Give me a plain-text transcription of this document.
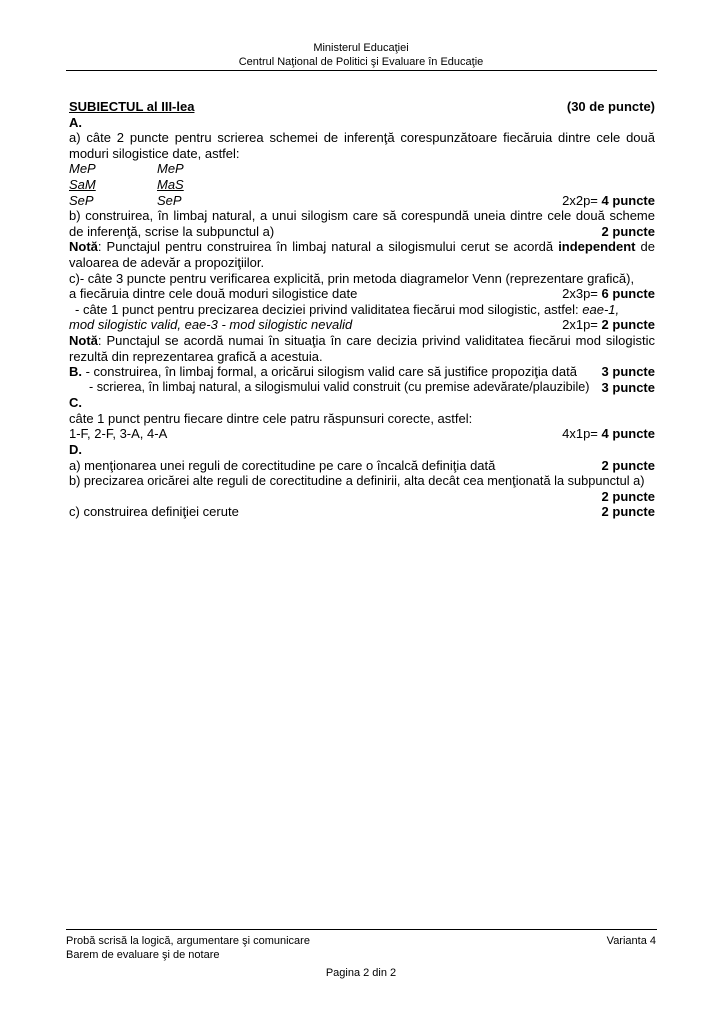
Ministerul Educaţiei
Centrul Naţional de Politici şi Evaluare în Educaţie
SUBIECTUL al III-lea	(30 de puncte)
A.
a) câte 2 puncte pentru scrierea schemei de inferenţă corespunzătoare fiecăruia dintre cele două moduri silogistice date, astfel:
MeP	MeP
SaM	MaS
SeP	SeP	2x2p= 4 puncte
b) construirea, în limbaj natural, a unui silogism care să corespundă uneia dintre cele două scheme de inferenţă, scrise la subpunctul a)	2 puncte
Notă: Punctajul pentru construirea în limbaj natural a silogismului cerut se acordă independent de valoarea de adevăr a propoziţiilor.
c)- câte 3 puncte pentru verificarea explicită, prin metoda diagramelor Venn (reprezentare grafică),
a fiecăruia dintre cele două moduri silogistice date	2x3p= 6 puncte
- câte 1 punct pentru precizarea deciziei privind validitatea fiecărui mod silogistic, astfel: eae-1,
mod silogistic valid, eae-3 - mod silogistic nevalid	2x1p= 2 puncte
Notă: Punctajul se acordă numai în situaţia în care decizia privind validitatea fiecărui mod silogistic rezultă din reprezentarea grafică a acestuia.
B. - construirea, în limbaj formal, a oricărui silogism valid care să justifice propoziţia dată 3 puncte
- scrierea, în limbaj natural, a silogismului valid construit (cu premise adevărate/plauzibile) 3 puncte
C.
câte 1 punct pentru fiecare dintre cele patru răspunsuri corecte, astfel:
1-F, 2-F, 3-A, 4-A	4x1p= 4 puncte
D.
a) menţionarea unei reguli de corectitudine pe care o încalcă definiţia dată	2 puncte
b) precizarea oricărei alte reguli de corectitudine a definirii, alta decât cea menţionată la subpunctul a)
2 puncte
c) construirea definiţiei cerute	2 puncte
Probă scrisă la logică, argumentare şi comunicare	Varianta 4
Barem de evaluare şi de notare
Pagina 2 din 2
